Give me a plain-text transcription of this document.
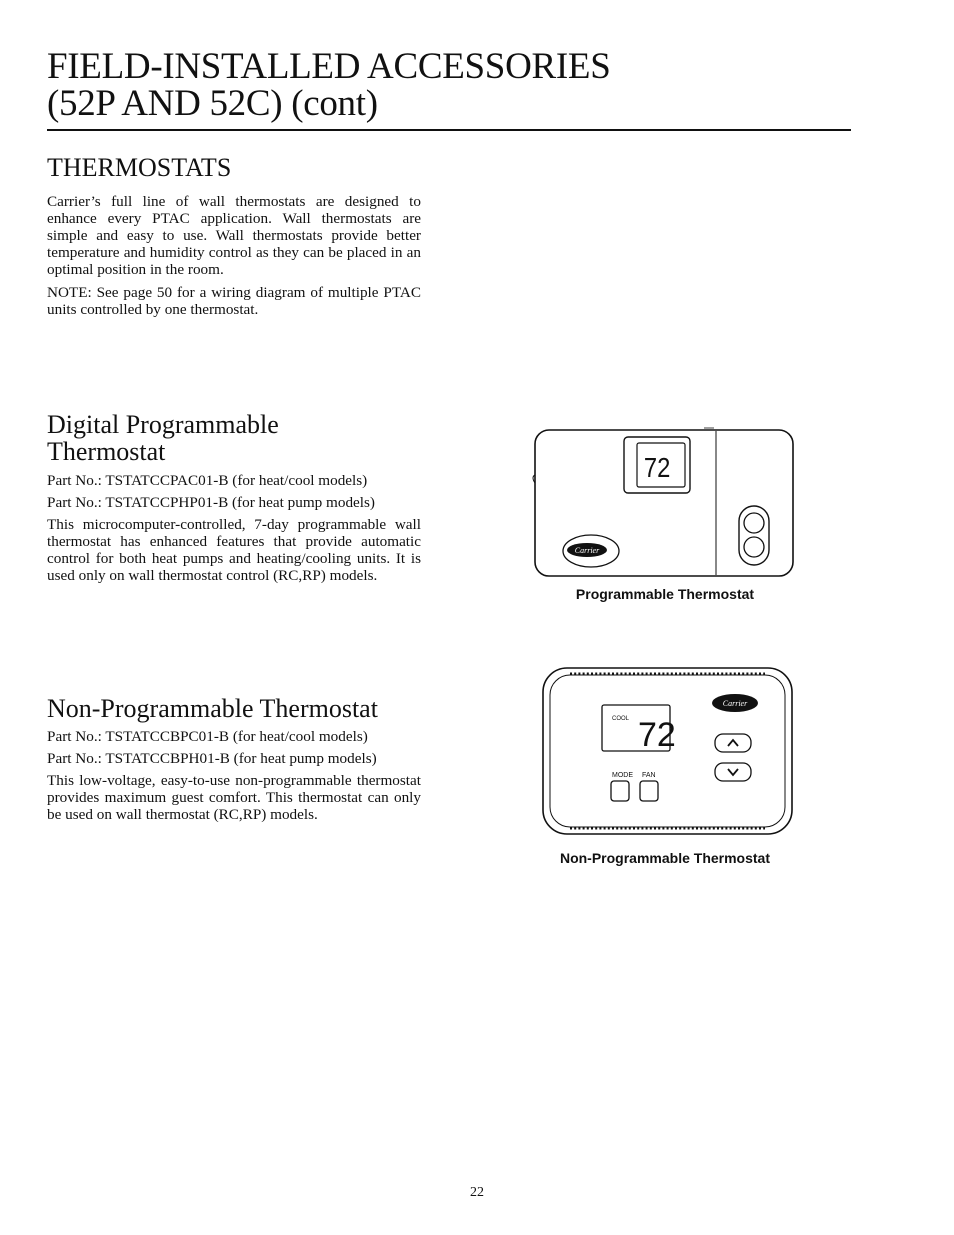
FIELD-INSTALLED ACCESSORIES
(52P AND 52C) (cont)
THERMOSTATS

Carrier’s full line of wall thermostats are designed to enhance every PTAC application. Wall thermostats are simple and easy to use. Wall thermostats provide better temperature and humidity control as they can be placed in an optimal position in the room.

NOTE: See page 50 for a wiring diagram of multiple PTAC units controlled by one thermostat.

Digital Programmable
Thermostat

Part No.: TSTATCCPAC01-B (for heat/cool models)

Part No.: TSTATCCPHP01-B (for heat pump models)

This microcomputer-controlled, 7-day programmable wall thermostat has enhanced features that provide automatic control for both heat pumps and heating/cooling units. It is used only on wall thermostat control (RC,RP) models.

72
Carrier
Programmable Thermostat
Non-Programmable Thermostat

Part No.: TSTATCCBPC01-B (for heat/cool models)

Part No.: TSTATCCBPH01-B (for heat pump models)

This low-voltage, easy-to-use non-programmable thermostat provides maximum guest comfort. This thermostat can only be used on wall thermostat (RC,RP) models.

COOL 72
Carrier
MODE FAN
Non-Programmable Thermostat
22
